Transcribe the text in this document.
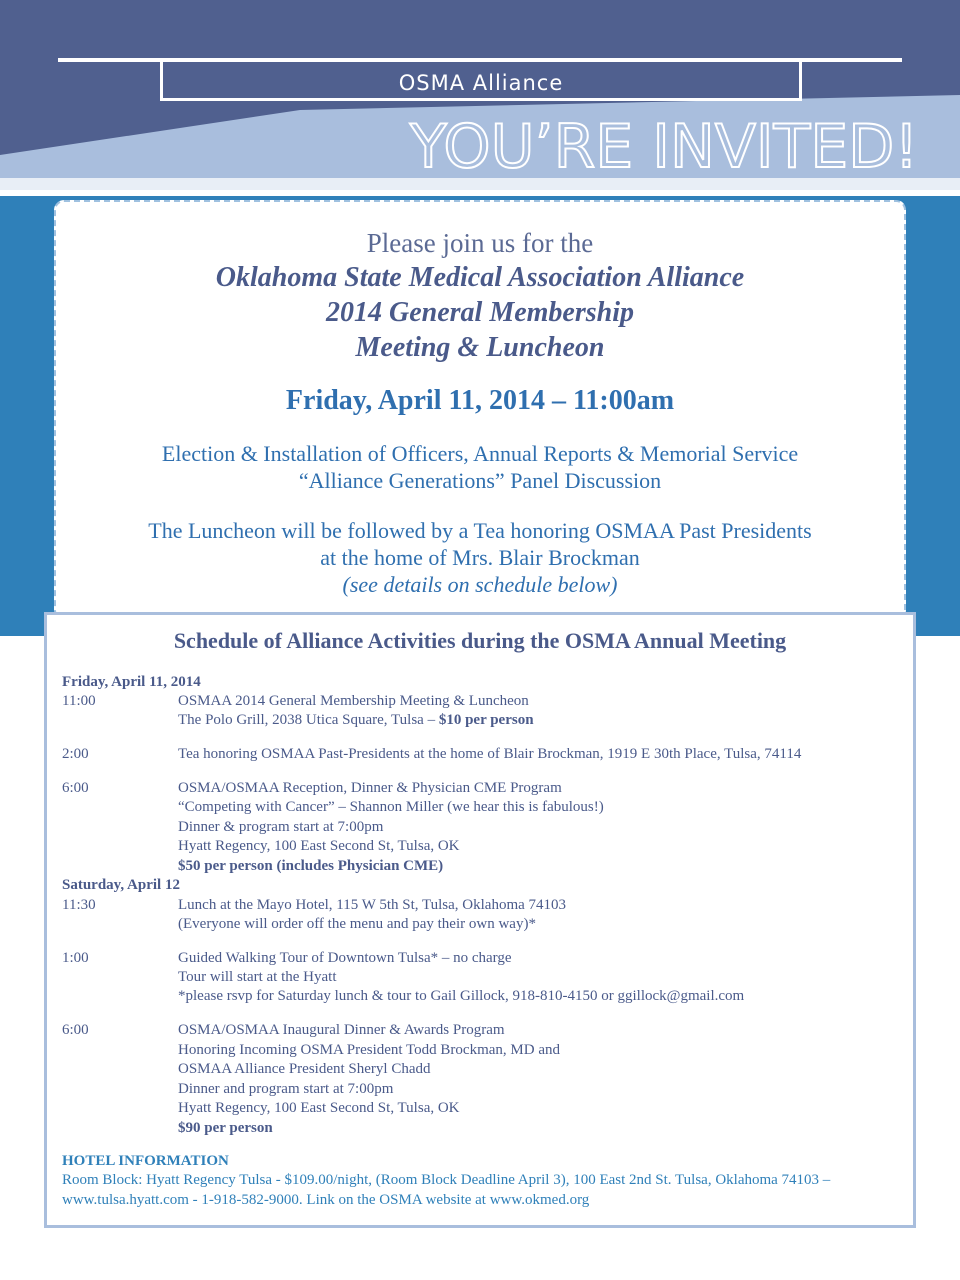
OSMA Alliance
YOU’RE INVITED!
Please join us for the
Oklahoma State Medical Association Alliance
2014 General Membership
Meeting & Luncheon
Friday, April 11, 2014 – 11:00am
Election & Installation of Officers, Annual Reports & Memorial Service
“Alliance Generations” Panel Discussion
The Luncheon will be followed by a Tea honoring OSMAA Past Presidents
at the home of Mrs. Blair Brockman
(see details on schedule below)
Schedule of Alliance Activities during the OSMA Annual Meeting
Friday, April 11, 2014
11:00	OSMAA 2014 General Membership Meeting & Luncheon
The Polo Grill, 2038 Utica Square, Tulsa – $10 per person
2:00	Tea honoring OSMAA Past-Presidents at the home of Blair Brockman, 1919 E 30th Place, Tulsa, 74114
6:00	OSMA/OSMAA Reception, Dinner & Physician CME Program
“Competing with Cancer” – Shannon Miller (we hear this is fabulous!)
Dinner & program start at 7:00pm
Hyatt Regency, 100 East Second St, Tulsa, OK
$50 per person (includes Physician CME)
Saturday, April 12
11:30	Lunch at the Mayo Hotel, 115 W 5th St, Tulsa, Oklahoma 74103
(Everyone will order off the menu and pay their own way)*
1:00	Guided Walking Tour of Downtown Tulsa* – no charge
Tour will start at the Hyatt
*please rsvp for Saturday lunch & tour to Gail Gillock, 918-810-4150 or ggillock@gmail.com
6:00	OSMA/OSMAA Inaugural Dinner & Awards Program
Honoring Incoming OSMA President Todd Brockman, MD and
OSMAA Alliance President Sheryl Chadd
Dinner and program start at 7:00pm
Hyatt Regency, 100 East Second St, Tulsa, OK
$90 per person
HOTEL INFORMATION
Room Block: Hyatt Regency Tulsa - $109.00/night, (Room Block Deadline April 3), 100 East 2nd St. Tulsa, Oklahoma 74103 –
www.tulsa.hyatt.com - 1-918-582-9000. Link on the OSMA website at www.okmed.org
